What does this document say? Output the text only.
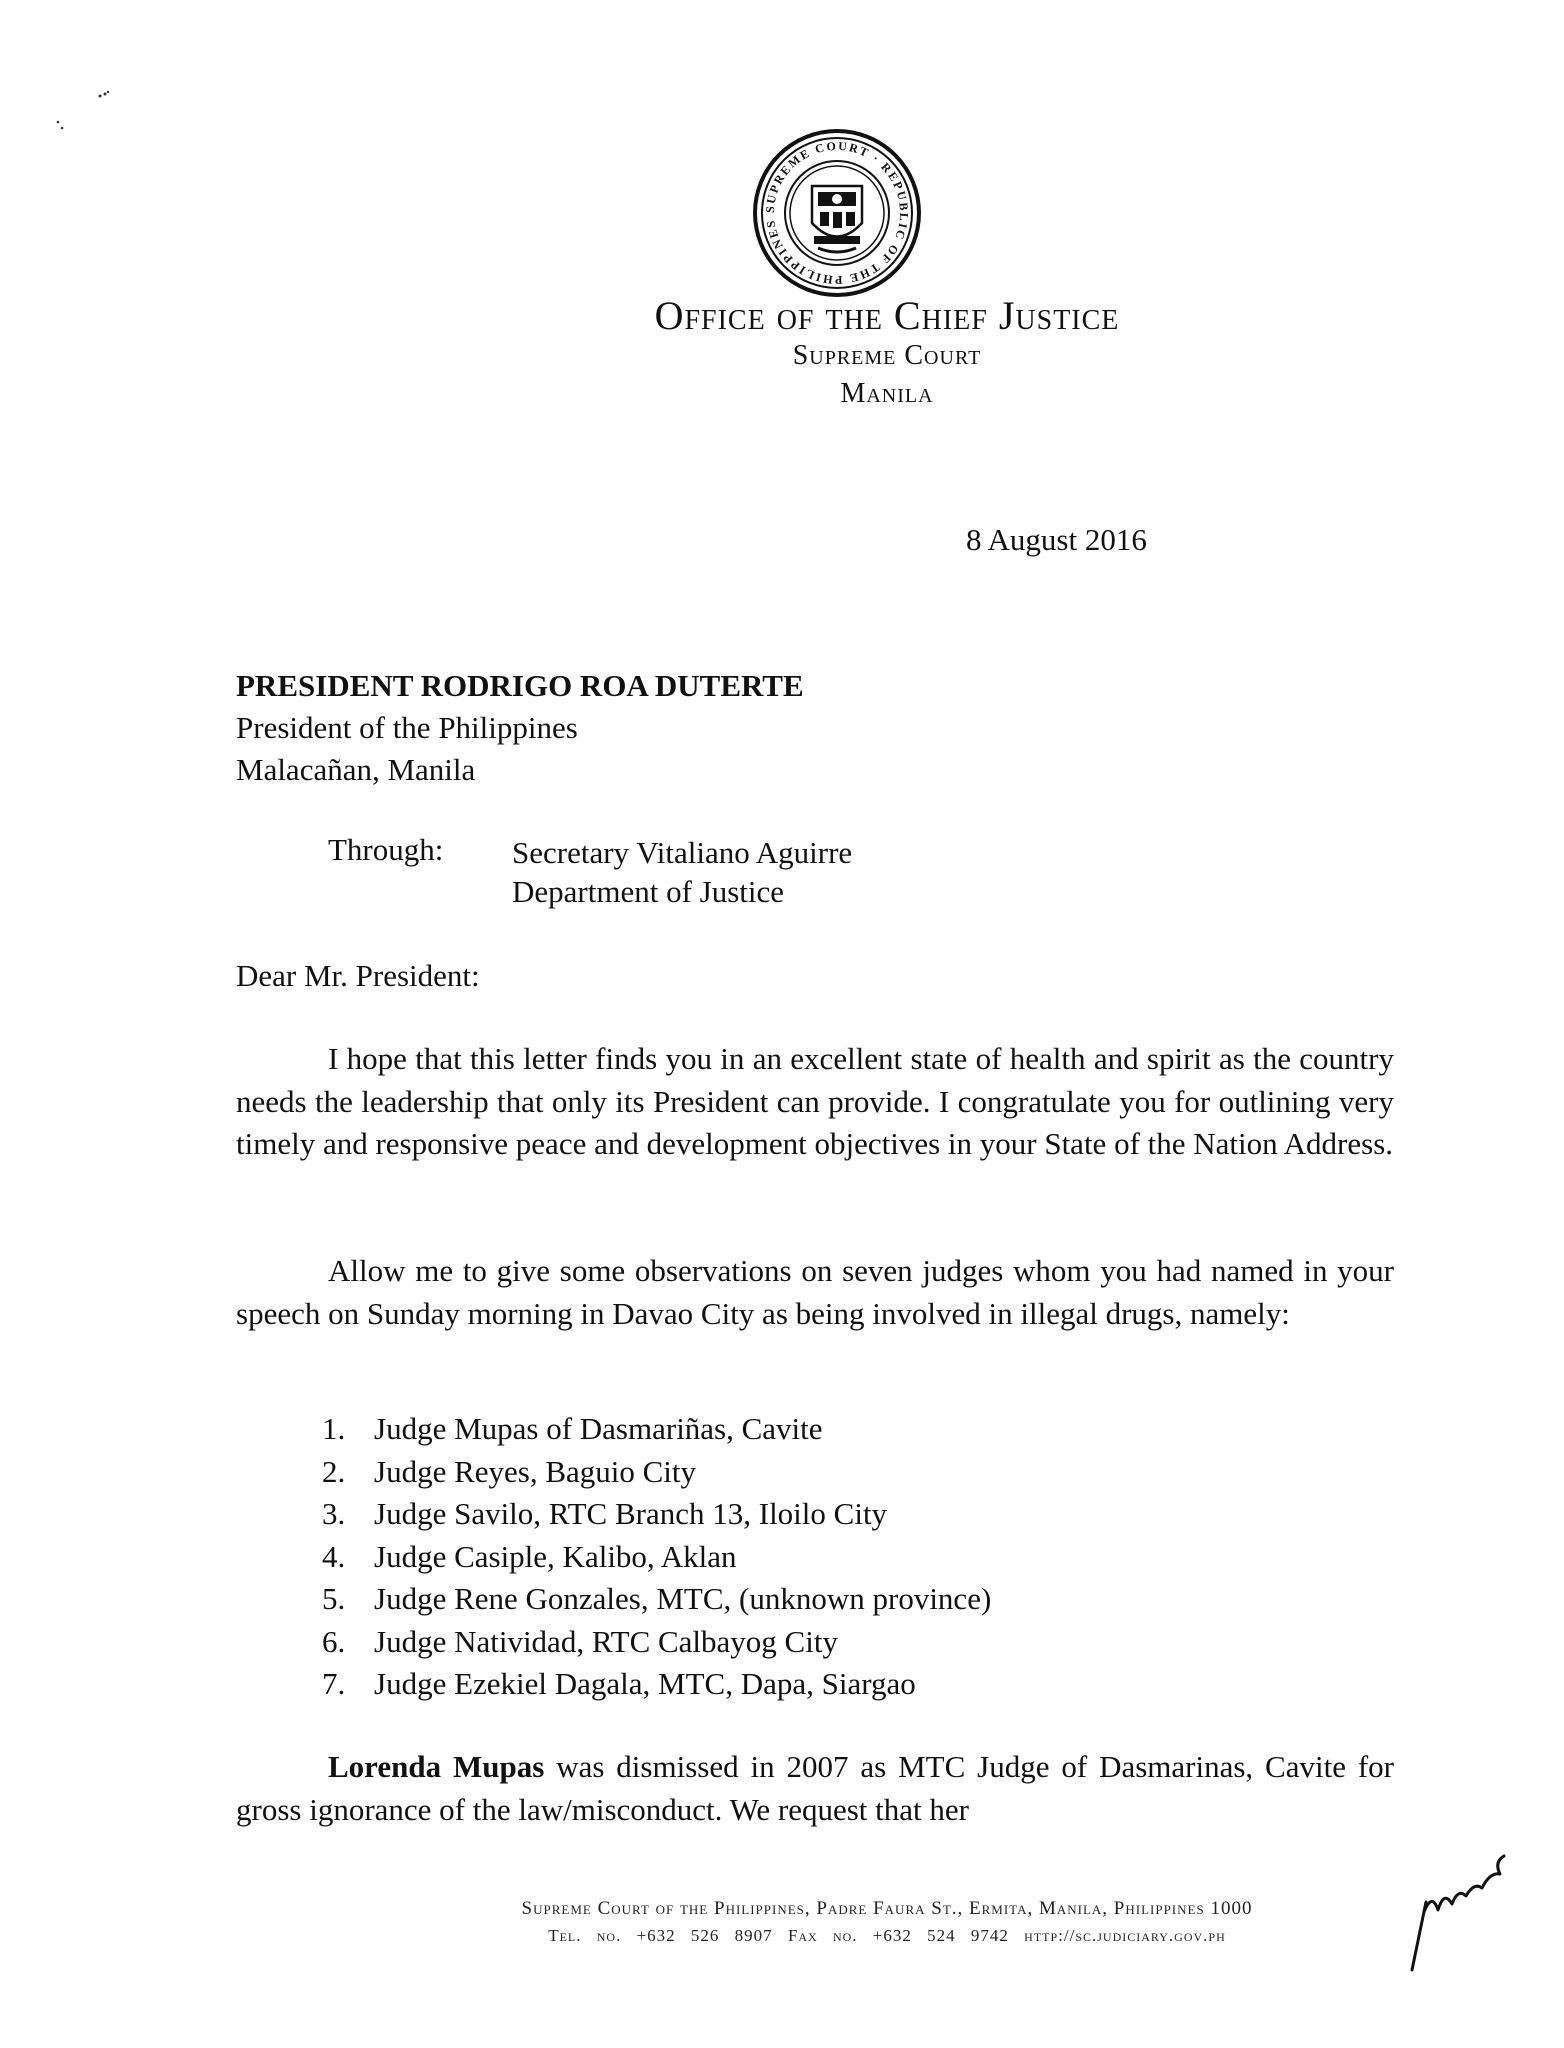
SUPREME COURT · REPUBLIC OF THE PHILIPPINES
Office of the Chief Justice
Supreme Court
Manila
8 August 2016
PRESIDENT RODRIGO ROA DUTERTE
President of the Philippines
Malacañan, Manila
Through: Secretary Vitaliano Aguirre
Department of Justice
Dear Mr. President:
I hope that this letter finds you in an excellent state of health and spirit as the country needs the leadership that only its President can provide. I congratulate you for outlining very timely and responsive peace and development objectives in your State of the Nation Address.
Allow me to give some observations on seven judges whom you had named in your speech on Sunday morning in Davao City as being involved in illegal drugs, namely:
1. Judge Mupas of Dasmariñas, Cavite
2. Judge Reyes, Baguio City
3. Judge Savilo, RTC Branch 13, Iloilo City
4. Judge Casiple, Kalibo, Aklan
5. Judge Rene Gonzales, MTC, (unknown province)
6. Judge Natividad, RTC Calbayog City
7. Judge Ezekiel Dagala, MTC, Dapa, Siargao
Lorenda Mupas was dismissed in 2007 as MTC Judge of Dasmarinas, Cavite for gross ignorance of the law/misconduct. We request that her
Supreme Court of the Philippines, Padre Faura St., Ermita, Manila, Philippines 1000
Tel. no. +632 526 8907 Fax no. +632 524 9742 http://sc.judiciary.gov.ph
